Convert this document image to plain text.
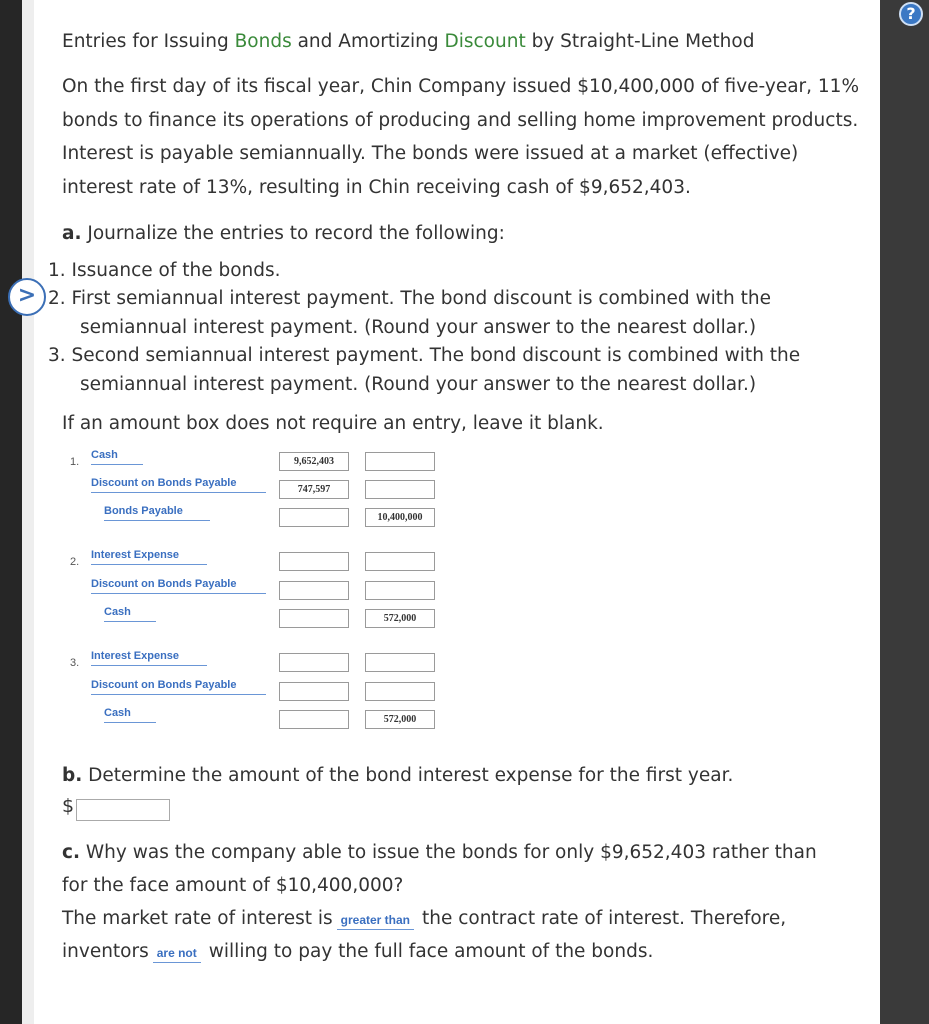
?
Entries for Issuing Bonds and Amortizing Discount by Straight-Line Method
On the first day of its fiscal year, Chin Company issued $10,400,000 of five-year, 11% bonds to finance its operations of producing and selling home improvement products. Interest is payable semiannually. The bonds were issued at a market (effective) interest rate of 13%, resulting in Chin receiving cash of $9,652,403.
a. Journalize the entries to record the following:
1. Issuance of the bonds.
> 2. First semiannual interest payment. The bond discount is combined with the
semiannual interest payment. (Round your answer to the nearest dollar.)
3. Second semiannual interest payment. The bond discount is combined with the
semiannual interest payment. (Round your answer to the nearest dollar.)
If an amount box does not require an entry, leave it blank.
1.
Cash
9,652,403
Discount on Bonds Payable
747,597
Bonds Payable
10,400,000
2.
Interest Expense
Discount on Bonds Payable
Cash
572,000
3.
Interest Expense
Discount on Bonds Payable
Cash
572,000
b. Determine the amount of the bond interest expense for the first year.
$
c. Why was the company able to issue the bonds for only $9,652,403 rather than
for the face amount of $10,400,000?
The market rate of interest is greater than the contract rate of interest. Therefore,
inventors are not willing to pay the full face amount of the bonds.
